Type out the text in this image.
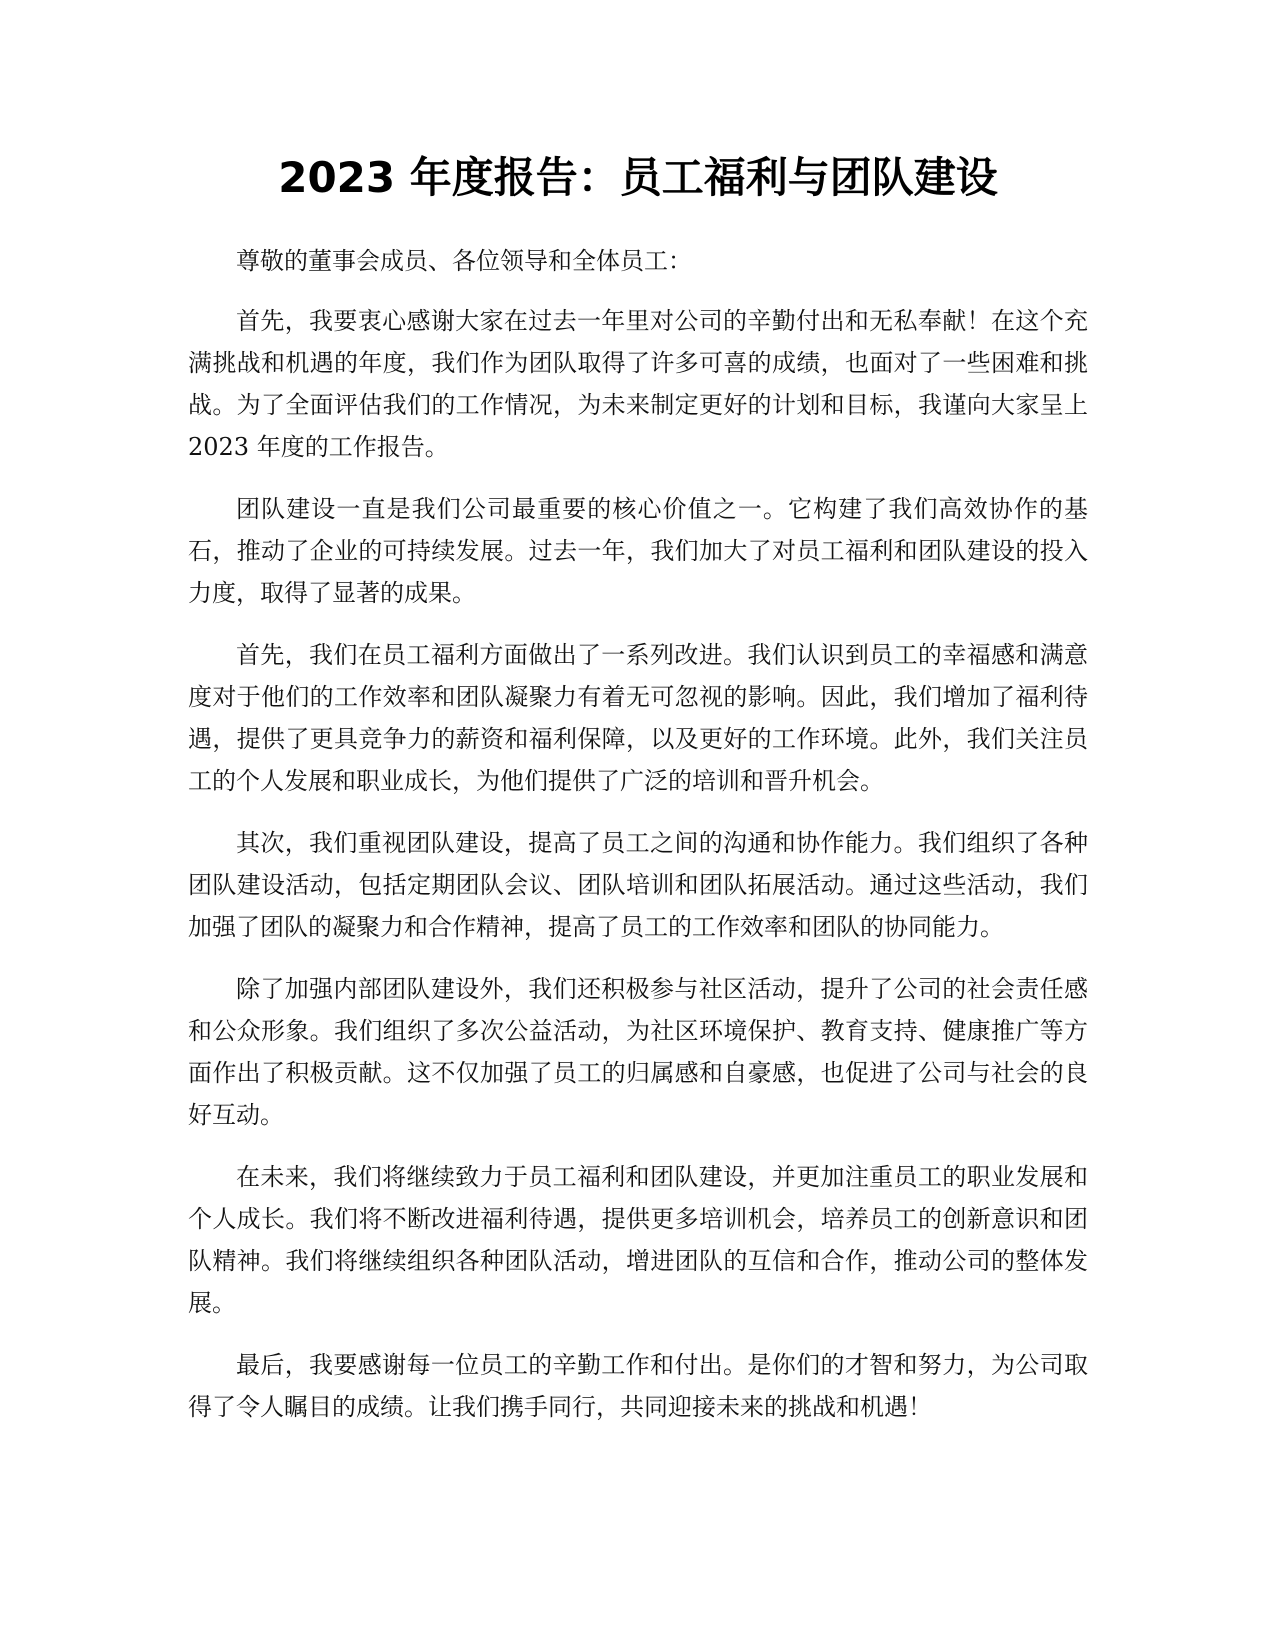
2023 年度报告：员工福利与团队建设

尊敬的董事会成员、各位领导和全体员工：

首先，我要衷心感谢大家在过去一年里对公司的辛勤付出和无私奉献！在这个充满挑战和机遇的年度，我们作为团队取得了许多可喜的成绩，也面对了一些困难和挑战。为了全面评估我们的工作情况，为未来制定更好的计划和目标，我谨向大家呈上 2023 年度的工作报告。

团队建设一直是我们公司最重要的核心价值之一。它构建了我们高效协作的基石，推动了企业的可持续发展。过去一年，我们加大了对员工福利和团队建设的投入力度，取得了显著的成果。

首先，我们在员工福利方面做出了一系列改进。我们认识到员工的幸福感和满意度对于他们的工作效率和团队凝聚力有着无可忽视的影响。因此，我们增加了福利待遇，提供了更具竞争力的薪资和福利保障，以及更好的工作环境。此外，我们关注员工的个人发展和职业成长，为他们提供了广泛的培训和晋升机会。

其次，我们重视团队建设，提高了员工之间的沟通和协作能力。我们组织了各种团队建设活动，包括定期团队会议、团队培训和团队拓展活动。通过这些活动，我们加强了团队的凝聚力和合作精神，提高了员工的工作效率和团队的协同能力。

除了加强内部团队建设外，我们还积极参与社区活动，提升了公司的社会责任感和公众形象。我们组织了多次公益活动，为社区环境保护、教育支持、健康推广等方面作出了积极贡献。这不仅加强了员工的归属感和自豪感，也促进了公司与社会的良好互动。

在未来，我们将继续致力于员工福利和团队建设，并更加注重员工的职业发展和个人成长。我们将不断改进福利待遇，提供更多培训机会，培养员工的创新意识和团队精神。我们将继续组织各种团队活动，增进团队的互信和合作，推动公司的整体发展。

最后，我要感谢每一位员工的辛勤工作和付出。是你们的才智和努力，为公司取得了令人瞩目的成绩。让我们携手同行，共同迎接未来的挑战和机遇！
